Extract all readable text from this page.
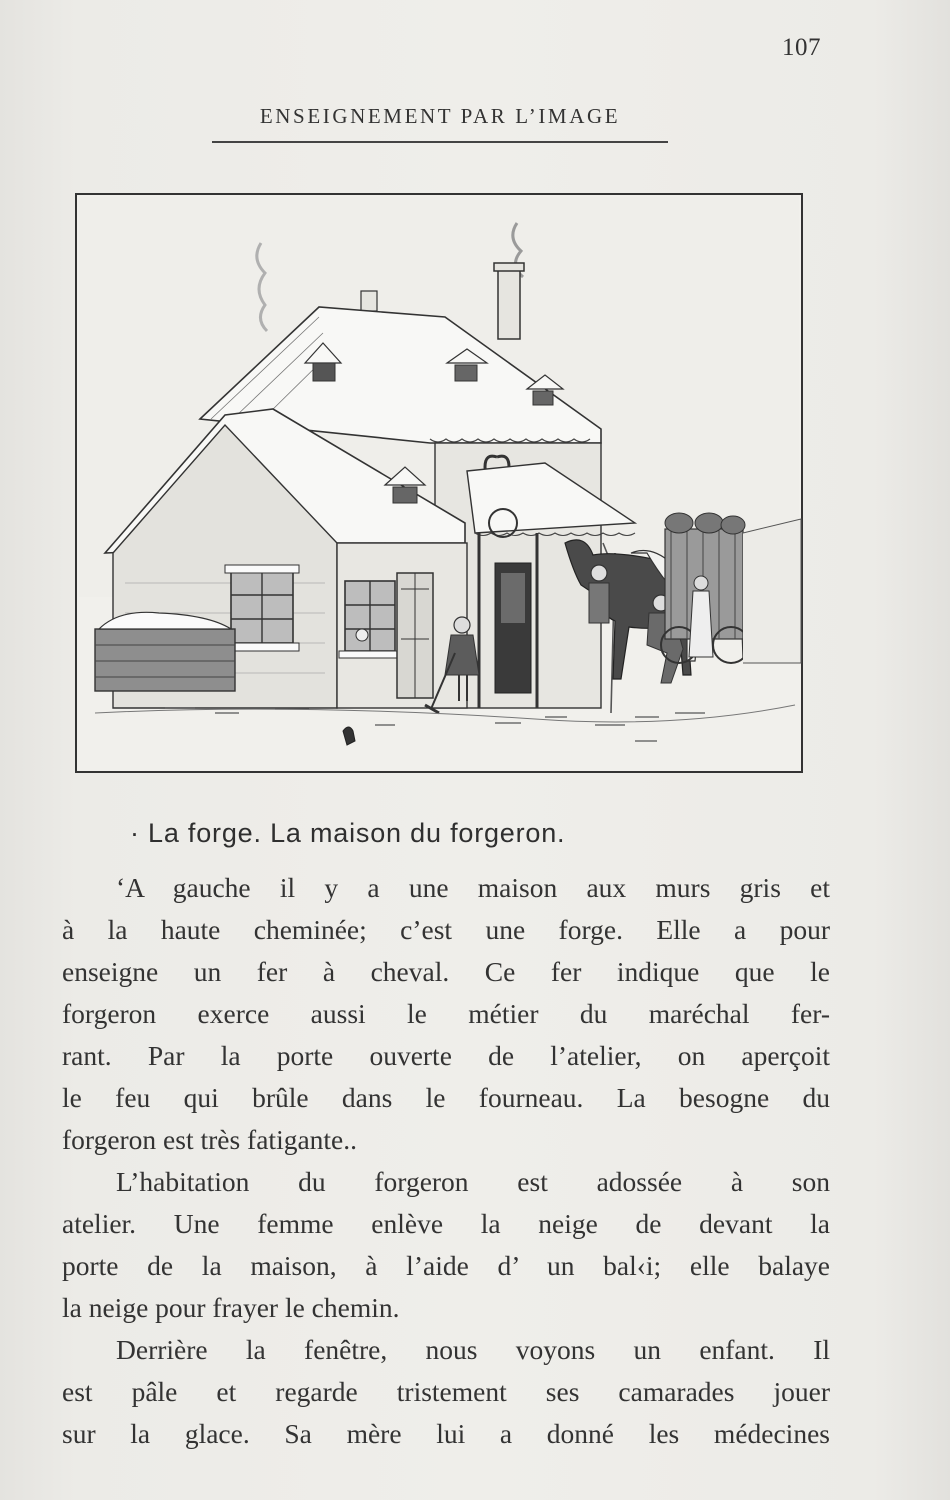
107
ENSEIGNEMENT PAR L’IMAGE
· La forge. La maison du forgeron.

‘A gauche il y a une maison aux murs gris et
à la haute cheminée; c’est une forge. Elle a pour
enseigne un fer à cheval. Ce fer indique que le
forgeron exerce aussi le métier du maréchal fer-
rant. Par la porte ouverte de l’atelier, on aperçoit
le feu qui brûle dans le fourneau. La besogne du
forgeron est très fatigante..

L’habitation du forgeron est adossée à son
atelier. Une femme enlève la neige de devant la
porte de la maison, à l’aide d’ un bal‹i; elle balaye
la neige pour frayer le chemin.

Derrière la fenêtre, nous voyons un enfant. Il
est pâle et regarde tristement ses camarades jouer
sur la glace. Sa mère lui a donné les médecines
